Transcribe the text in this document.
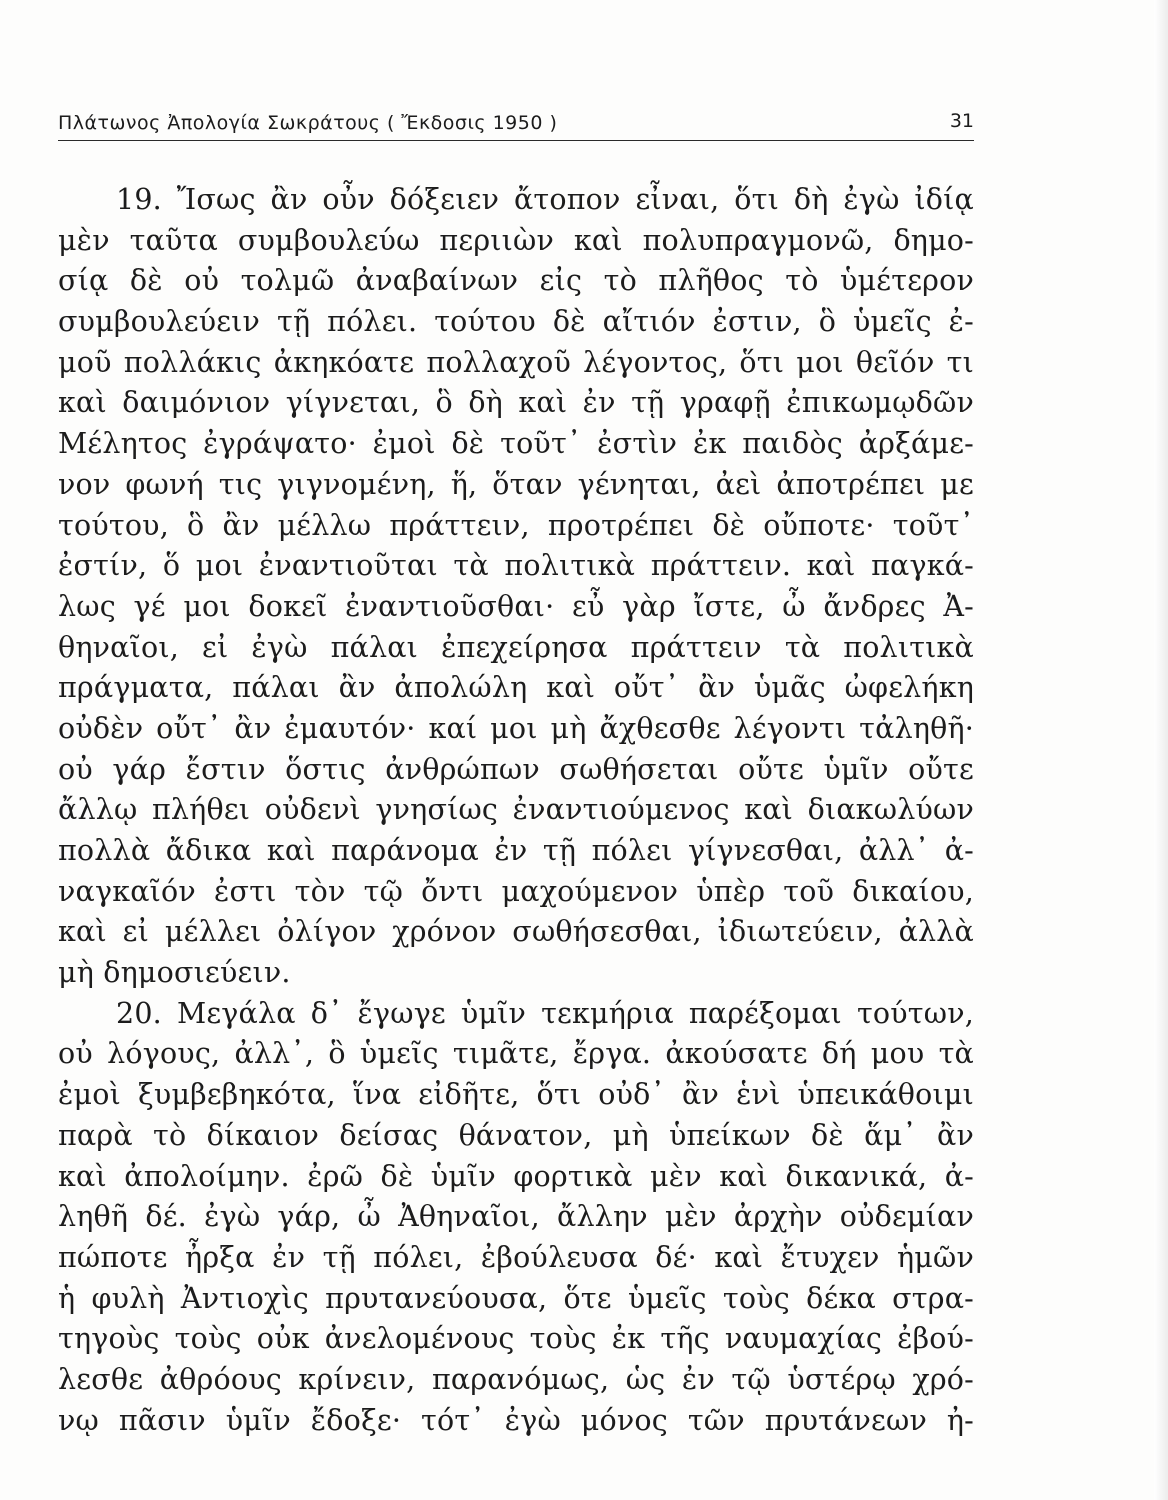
Πλάτωνος Ἀπολογία Σωκράτους ( Ἔκδοσις 1950 )	31
19. Ἴσως ἂν οὖν δόξειεν ἄτοπον εἶναι, ὅτι δὴ ἐγὼ ἰδίᾳ
μὲν ταῦτα συμβουλεύω περιιὼν καὶ πολυπραγμονῶ, δημο-
σίᾳ δὲ οὐ τολμῶ ἀναβαίνων εἰς τὸ πλῆθος τὸ ὑμέτερον
συμβουλεύειν τῇ πόλει. τούτου δὲ αἴτιόν ἐστιν, ὃ ὑμεῖς ἐ-
μοῦ πολλάκις ἀκηκόατε πολλαχοῦ λέγοντος, ὅτι μοι θεῖόν τι
καὶ δαιμόνιον γίγνεται, ὃ δὴ καὶ ἐν τῇ γραφῇ ἐπικωμῳδῶν
Μέλητος ἐγράψατο· ἐμοὶ δὲ τοῦτ᾽ ἐστὶν ἐκ παιδὸς ἀρξάμε-
νον φωνή τις γιγνομένη, ἥ, ὅταν γένηται, ἀεὶ ἀποτρέπει με
τούτου, ὃ ἂν μέλλω πράττειν, προτρέπει δὲ οὔποτε· τοῦτ᾽
ἐστίν, ὅ μοι ἐναντιοῦται τὰ πολιτικὰ πράττειν. καὶ παγκά-
λως γέ μοι δοκεῖ ἐναντιοῦσθαι· εὖ γὰρ ἴστε, ὦ ἄνδρες Ἀ-
θηναῖοι, εἰ ἐγὼ πάλαι ἐπεχείρησα πράττειν τὰ πολιτικὰ
πράγματα, πάλαι ἂν ἀπολώλη καὶ οὔτ᾽ ἂν ὑμᾶς ὠφελήκη
οὐδὲν οὔτ᾽ ἂν ἐμαυτόν· καί μοι μὴ ἄχθεσθε λέγοντι τἀληθῆ·
οὐ γάρ ἔστιν ὅστις ἀνθρώπων σωθήσεται οὔτε ὑμῖν οὔτε
ἄλλῳ πλήθει οὐδενὶ γνησίως ἐναντιούμενος καὶ διακωλύων
πολλὰ ἄδικα καὶ παράνομα ἐν τῇ πόλει γίγνεσθαι, ἀλλ᾽ ἀ-
ναγκαῖόν ἐστι τὸν τῷ ὄντι μαχούμενον ὑπὲρ τοῦ δικαίου,
καὶ εἰ μέλλει ὀλίγον χρόνον σωθήσεσθαι, ἰδιωτεύειν, ἀλλὰ
μὴ δημοσιεύειν.
20. Μεγάλα δ᾽ ἔγωγε ὑμῖν τεκμήρια παρέξομαι τούτων,
οὐ λόγους, ἀλλ᾽, ὃ ὑμεῖς τιμᾶτε, ἔργα. ἀκούσατε δή μου τὰ
ἐμοὶ ξυμβεβηκότα, ἵνα εἰδῆτε, ὅτι οὐδ᾽ ἂν ἑνὶ ὑπεικάθοιμι
παρὰ τὸ δίκαιον δείσας θάνατον, μὴ ὑπείκων δὲ ἅμ᾽ ἂν
καὶ ἀπολοίμην. ἐρῶ δὲ ὑμῖν φορτικὰ μὲν καὶ δικανικά, ἀ-
ληθῆ δέ. ἐγὼ γάρ, ὦ Ἀθηναῖοι, ἄλλην μὲν ἀρχὴν οὐδεμίαν
πώποτε ἦρξα ἐν τῇ πόλει, ἐβούλευσα δέ· καὶ ἔτυχεν ἡμῶν
ἡ φυλὴ Ἀντιοχὶς πρυτανεύουσα, ὅτε ὑμεῖς τοὺς δέκα στρα-
τηγοὺς τοὺς οὐκ ἀνελομένους τοὺς ἐκ τῆς ναυμαχίας ἐβού-
λεσθε ἀθρόους κρίνειν, παρανόμως, ὡς ἐν τῷ ὑστέρῳ χρό-
νῳ πᾶσιν ὑμῖν ἔδοξε· τότ᾽ ἐγὼ μόνος τῶν πρυτάνεων ἠ-
